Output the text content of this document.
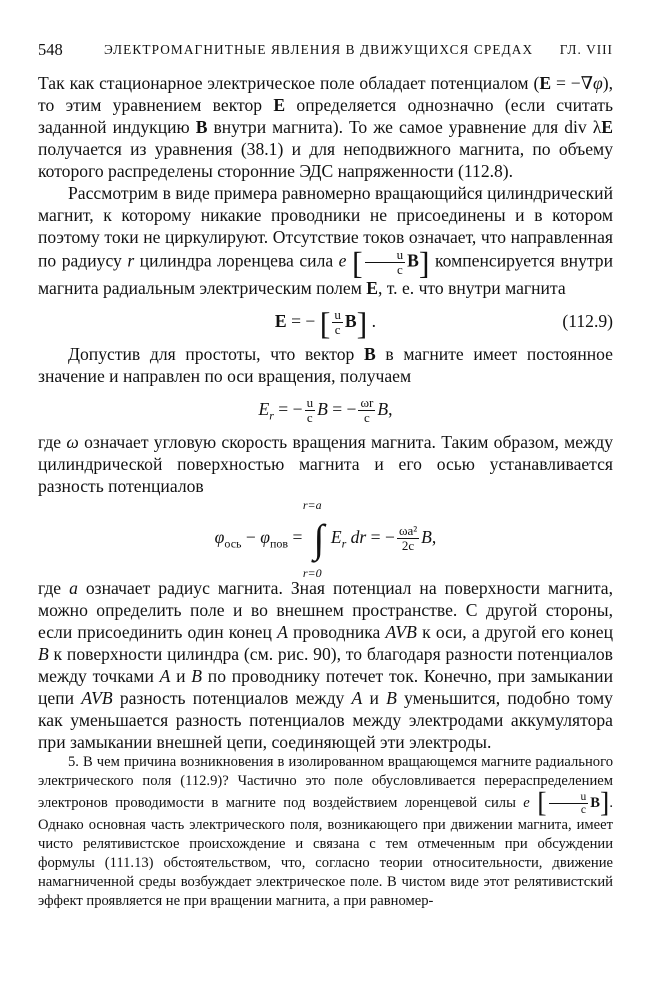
548	ЭЛЕКТРОМАГНИТНЫЕ ЯВЛЕНИЯ В ДВИЖУЩИХСЯ СРЕДАХ ГЛ. VIII

Так как стационарное электрическое поле обладает потенциалом (E = −∇φ), то этим уравнением вектор E определяется однозначно (если считать заданной индукцию B внутри магнита). То же самое уравнение для div λE получается из уравнения (38.1) и для неподвижного магнита, по объему которого распределены сторонние ЭДС напряженности (112.8).

Рассмотрим в виде примера равномерно вращающийся цилиндрический магнит, к которому никакие проводники не присоединены и в котором поэтому токи не циркулируют. Отсутствие токов означает, что направленная по радиусу r цилиндра лоренцева сила e [ $\frac{u}{c} B$] компенсируется внутри магнита радиальным электрическим полем E, т. е. что внутри магнита

E = − [ $\frac{u}{c} B$] .	(112.9)

Допустив для простоты, что вектор B в магните имеет постоянное значение и направлен по оси вращения, получаем

$E_r$ = − $\frac{u}{c}$ B = − $\frac{\omega r}{c} B$,

где ω означает угловую скорость вращения магнита. Таким образом, между цилиндрической поверхностью магнита и его осью устанавливается разность потенциалов

$\varphi_{ось} - \varphi_{пов}$ = ∫
r=a
r=0
$E_r$ dr = − $\frac{\text{ωa²}}{2c} B$,

где a означает радиус магнита. Зная потенциал на поверхности магнита, можно определить поле и во внешнем пространстве. С другой стороны, если присоединить один конец A проводника AVB к оси, а другой его конец B к поверхности цилиндра (см. рис. 90), то благодаря разности потенциалов между точками A и B по проводнику потечет ток. Конечно, при замыкании цепи AVB разность потенциалов между A и B уменьшится, подобно тому как уменьшается разность потенциалов между электродами аккумулятора при замыкании внешней цепи, соединяющей эти электроды.

5. В чем причина возникновения в изолированном вращающемся магните радиального электрического поля (112.9)? Частично это поле обусловливается перераспределением электронов проводимости в магните под воздействием лоренцевой силы e [ $\frac{u}{c} B$]. Однако основная часть электрического поля, возникающего при движении магнита, имеет чисто релятивистское происхождение и связана с тем отмеченным при обсуждении формулы (111.13) обстоятельством, что, согласно теории относительности, движение намагниченной среды возбуждает электрическое поле. В чистом виде этот релятивистский эффект проявляется не при вращении магнита, а при равномер-
